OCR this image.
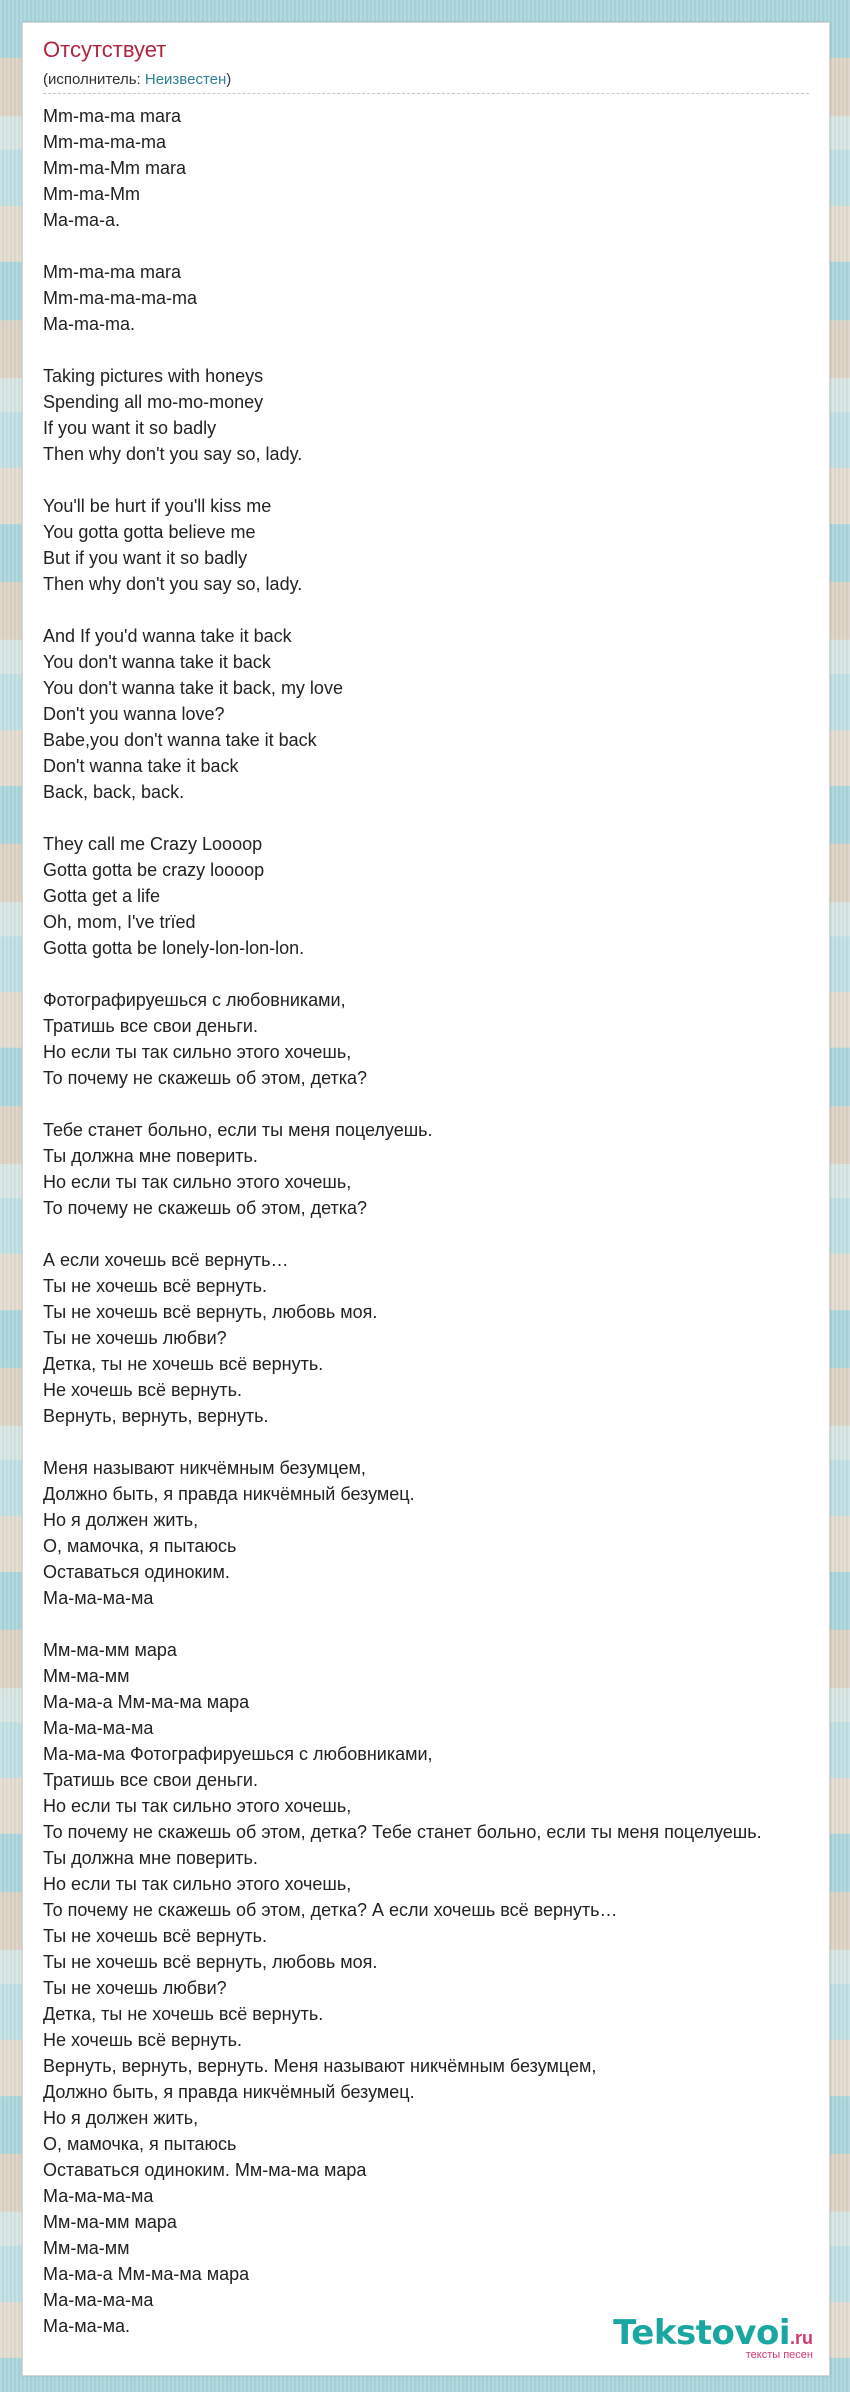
Отсутствует

(исполнитель: Неизвестен)

Mm-ma-ma mara
Mm-ma-ma-ma
Mm-ma-Mm mara
Mm-ma-Mm
Ma-ma-a.

Mm-ma-ma mara
Mm-ma-ma-ma-ma
Ma-ma-ma.

Taking pictures with honeys
Spending all mo-mo-money
If you want it so badly
Then why don't you say so, lady.

You'll be hurt if you'll kiss me
You gotta gotta believe me
But if you want it so badly
Then why don't you say so, lady.

And If you'd wanna take it back
You don't wanna take it back
You don't wanna take it back, my love
Don't you wanna love?
Babe,you don't wanna take it back
Don't wanna take it back
Back, back, back.

They call me Crazy Loooop
Gotta gotta be crazy loooop
Gotta get a life
Oh, mom, I've trïed
Gotta gotta be lonely-lon-lon-lon.

Фотографируешься с любовниками,
Тратишь все свои деньги.
Но если ты так сильно этого хочешь,
То почему не скажешь об этом, детка?

Тебе станет больно, если ты меня поцелуешь.
Ты должна мне поверить.
Но если ты так сильно этого хочешь,
То почему не скажешь об этом, детка?

А если хочешь всё вернуть…
Ты не хочешь всё вернуть.
Ты не хочешь всё вернуть, любовь моя.
Ты не хочешь любви?
Детка, ты не хочешь всё вернуть.
Не хочешь всё вернуть.
Вернуть, вернуть, вернуть.

Меня называют никчёмным безумцем,
Должно быть, я правда никчёмный безумец.
Но я должен жить,
О, мамочка, я пытаюсь
Оставаться одиноким.
Ма-ма-ма-ма

Мм-ма-мм мара
Мм-ма-мм
Ма-ма-а Мм-ма-ма мара
Ма-ма-ма-ма
Ма-ма-ма Фотографируешься с любовниками,
Тратишь все свои деньги.
Но если ты так сильно этого хочешь,
То почему не скажешь об этом, детка? Тебе станет больно, если ты меня поцелуешь.
Ты должна мне поверить.
Но если ты так сильно этого хочешь,
То почему не скажешь об этом, детка? А если хочешь всё вернуть…
Ты не хочешь всё вернуть.
Ты не хочешь всё вернуть, любовь моя.
Ты не хочешь любви?
Детка, ты не хочешь всё вернуть.
Не хочешь всё вернуть.
Вернуть, вернуть, вернуть. Меня называют никчёмным безумцем,
Должно быть, я правда никчёмный безумец.
Но я должен жить,
О, мамочка, я пытаюсь
Оставаться одиноким. Мм-ма-ма мара
Ма-ма-ма-ма
Мм-ма-мм мара
Мм-ма-мм
Ма-ма-а Мм-ма-ма мара
Ма-ма-ма-ма
Ма-ма-ма.	Tekstovoi.ru
тексты песен
